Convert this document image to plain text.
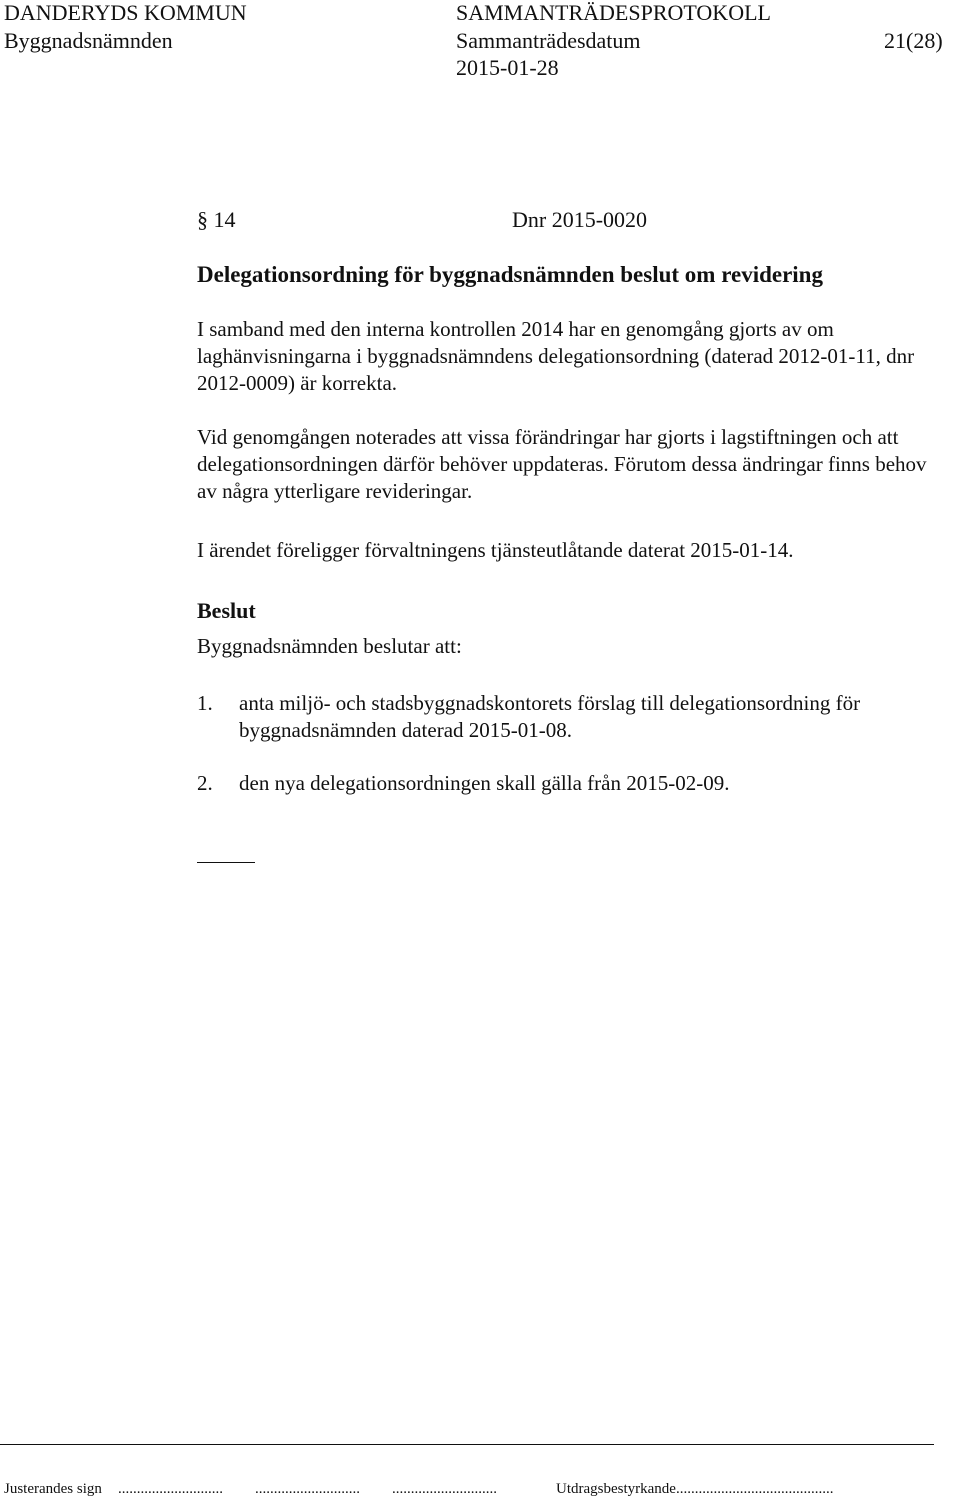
DANDERYDS KOMMUN	SAMMANTRÄDESPROTOKOLL
Byggnadsnämnden	Sammanträdesdatum	21(28)
2015-01-28
§ 14	Dnr 2015-0020
Delegationsordning för byggnadsnämnden beslut om revidering

I samband med den interna kontrollen 2014 har en genomgång gjorts av om laghänvisningarna i byggnadsnämndens delegationsordning (daterad 2012-01-11, dnr 2012-0009) är korrekta.

Vid genomgången noterades att vissa förändringar har gjorts i lagstiftningen och att delegationsordningen därför behöver uppdateras. Förutom dessa ändringar finns behov av några ytterligare revideringar.

I ärendet föreligger förvaltningens tjänsteutlåtande daterat 2015-01-14.

Beslut
Byggnadsnämnden beslutar att:
1.	anta miljö- och stadsbyggnadskontorets förslag till delegationsordning för byggnadsnämnden daterad 2015-01-08.
2.	den nya delegationsordningen skall gälla från 2015-02-09.
Justerandes sign ............................ ............................ ............................	Utdragsbestyrkande..........................................
